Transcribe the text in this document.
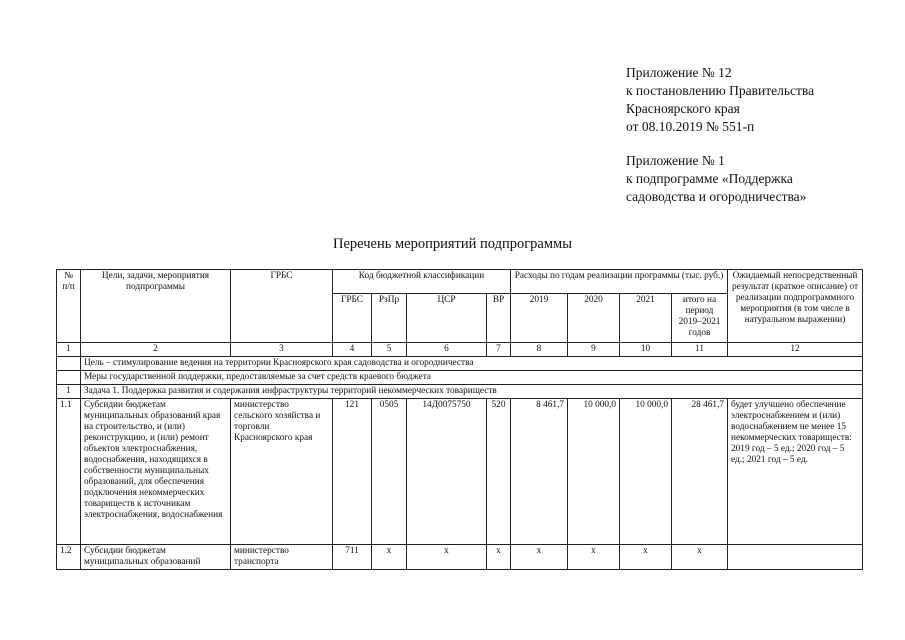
Приложение № 12
к постановлению Правительства
Красноярского края
от 08.10.2019 № 551-п
Приложение № 1
к подпрограмме «Поддержка
садоводства и огородничества»
Перечень мероприятий подпрограммы
№ п/п	Цели, задачи, мероприятия подпрограммы	ГРБС	Код бюджетной классификации				Расходы по годам реализации программы (тыс. руб.)				Ожидаемый непосредственный результат (краткое описание) от реализации подпрограммного мероприятия (в том числе в натуральном выражении)
			ГРБС	РзПр	ЦСР	ВР	2019	2020	2021	итого на период 2019–2021 годов	
1	2	3	4	5	6	7	8	9	10	11	12
	Цель – стимулирование ведения на территории Красноярского края садоводства и огородничества										
	Меры государственной поддержки, предоставляемые за счет средств краевого бюджета										
1	Задача 1. Поддержка развития и содержания инфраструктуры территорий некоммерческих товариществ										
1.1	Субсидии бюджетам муниципальных образований края на строительство, и (или) реконструкцию, и (или) ремонт объектов электроснабжения, водоснабжения, находящихся в собственности муниципальных образований, для обеспечения подключения некоммерческих товариществ к источникам электроснабжения, водоснабжения	министерство сельского хозяйства и торговли Красноярского края	121	0505	14Д0075750	520	8 461,7	10 000,0	10 000,0	28 461,7	будет улучшено обеспечение электроснабжением и (или) водоснабжением не менее 15 некоммерческих товариществ: 2019 год – 5 ед.; 2020 год – 5 ед.; 2021 год – 5 ед.
1.2	Субсидии бюджетам муниципальных образований	министерство транспорта	711	x	x	x	x	x	x	x	
